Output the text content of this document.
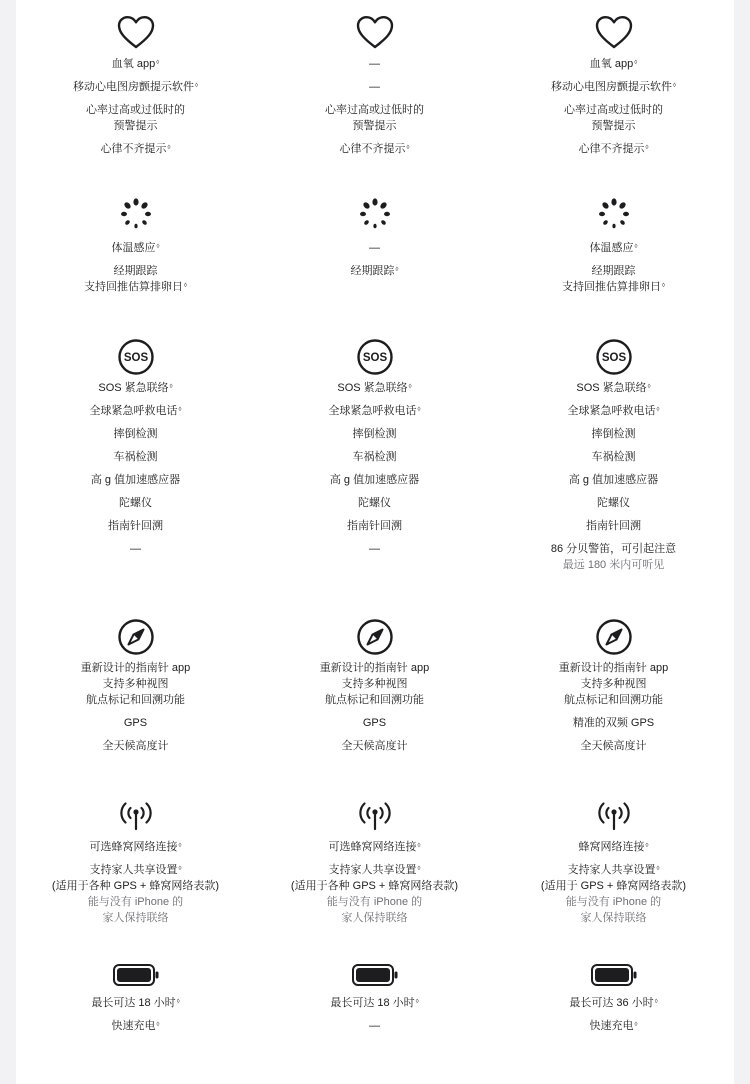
血氧 app◊

移动心电图房颤提示软件◊

心率过高或过低时的

预警提示

心律不齐提示◊

体温感应◊

经期跟踪

支持回推估算排卵日◊

SOS

SOS 紧急联络◊

全球紧急呼救电话◊

摔倒检测

车祸检测

高 g 值加速感应器

陀螺仪

指南针回溯

—

重新设计的指南针 app

支持多种视图

航点标记和回溯功能

GPS

全天候高度计

可选蜂窝网络连接◊

支持家人共享设置◊

(适用于各种 GPS + 蜂窝网络表款)

能与没有 iPhone 的

家人保持联络

最长可达 18 小时◊

快速充电◊

—

—

心率过高或过低时的

预警提示

心律不齐提示◊

—

经期跟踪◊

SOS

SOS 紧急联络◊

全球紧急呼救电话◊

摔倒检测

车祸检测

高 g 值加速感应器

陀螺仪

指南针回溯

—

重新设计的指南针 app

支持多种视图

航点标记和回溯功能

GPS

全天候高度计

可选蜂窝网络连接◊

支持家人共享设置◊

(适用于各种 GPS + 蜂窝网络表款)

能与没有 iPhone 的

家人保持联络

最长可达 18 小时◊

—

血氧 app◊

移动心电图房颤提示软件◊

心率过高或过低时的

预警提示

心律不齐提示◊

体温感应◊

经期跟踪

支持回推估算排卵日◊

SOS

SOS 紧急联络◊

全球紧急呼救电话◊

摔倒检测

车祸检测

高 g 值加速感应器

陀螺仪

指南针回溯

86 分贝警笛，可引起注意

最远 180 米内可听见

重新设计的指南针 app

支持多种视图

航点标记和回溯功能

精准的双频 GPS

全天候高度计

蜂窝网络连接◊

支持家人共享设置◊

(适用于 GPS + 蜂窝网络表款)

能与没有 iPhone 的

家人保持联络

最长可达 36 小时◊

快速充电◊
